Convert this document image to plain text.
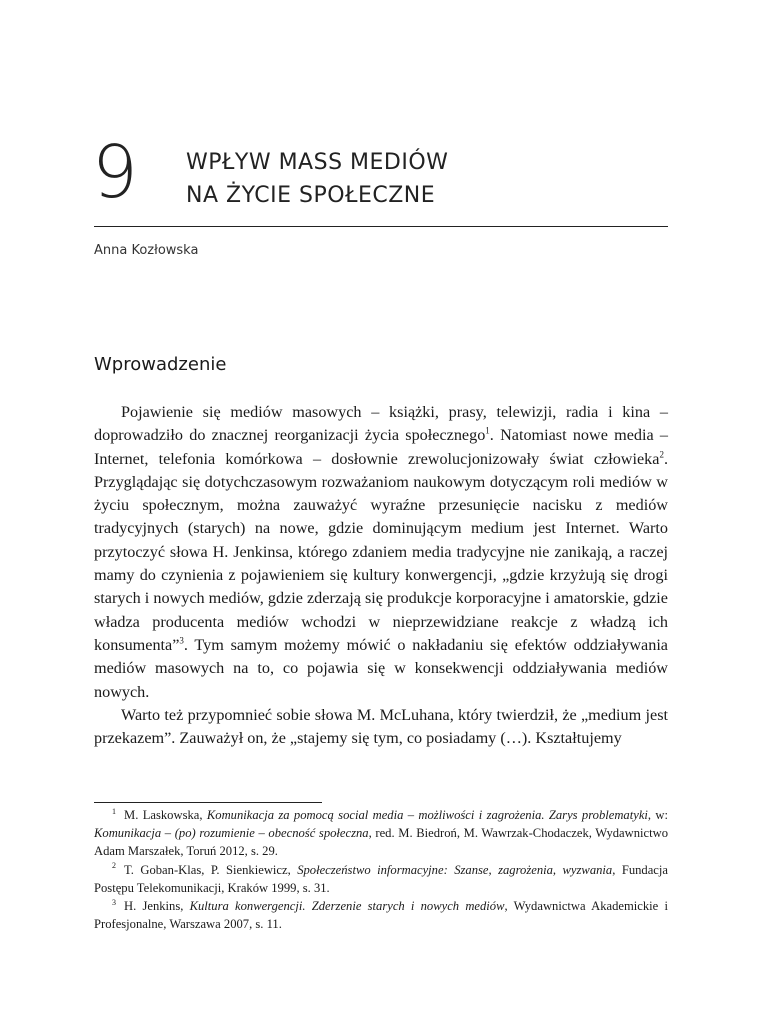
9 WPŁYW MASS MEDIÓW
NA ŻYCIE SPOŁECZNE
Anna Kozłowska
Wprowadzenie

Pojawienie się mediów masowych – książki, prasy, telewizji, radia i kina – doprowadziło do znacznej reorganizacji życia społecznego$^1$. Natomiast nowe media – Internet, telefonia komórkowa – dosłownie zrewolucjonizowały świat człowieka$^2$. Przyglądając się dotychczasowym rozważaniom naukowym dotyczącym roli mediów w życiu społecznym, można zauważyć wyraźne przesunięcie nacisku z mediów tradycyjnych (starych) na nowe, gdzie dominującym medium jest Internet. Warto przytoczyć słowa H. Jenkinsa, którego zdaniem media tradycyjne nie zanikają, a raczej mamy do czynienia z pojawieniem się kultury konwergencji, „gdzie krzyżują się drogi starych i nowych mediów, gdzie zderzają się produkcje korporacyjne i amatorskie, gdzie władza producenta mediów wchodzi w nieprzewidziane reakcje z władzą ich konsumenta”$^3$. Tym samym możemy mówić o nakładaniu się efektów oddziaływania mediów masowych na to, co pojawia się w konsekwencji oddziaływania mediów nowych.

Warto też przypomnieć sobie słowa M. McLuhana, który twierdził, że „medium jest przekazem”. Zauważył on, że „stajemy się tym, co posiadamy (…). Kształtujemy

$^1$ M. Laskowska, Komunikacja za pomocą social media – możliwości i zagrożenia. Zarys problematyki, w: Komunikacja – (po) rozumienie – obecność społeczna, red. M. Biedroń, M. Wawrzak-Chodaczek, Wydawnictwo Adam Marszałek, Toruń 2012, s. 29.

$^2$ T. Goban-Klas, P. Sienkiewicz, Społeczeństwo informacyjne: Szanse, zagrożenia, wyzwania, Fundacja Postępu Telekomunikacji, Kraków 1999, s. 31.

$^3$ H. Jenkins, Kultura konwergencji. Zderzenie starych i nowych mediów, Wydawnictwa Akademickie i Profesjonalne, Warszawa 2007, s. 11.
